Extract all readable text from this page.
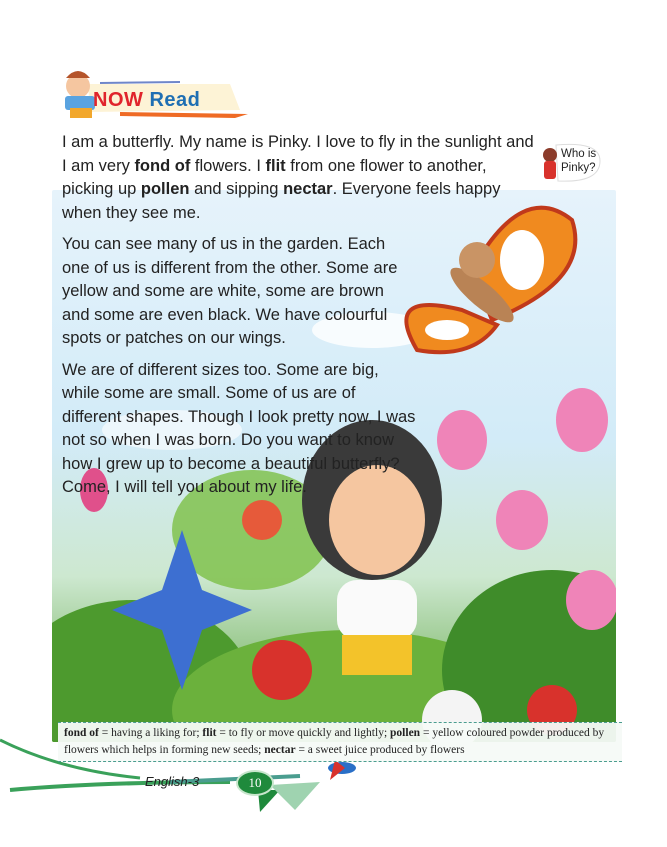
NOW Read
I am a butterfly. My name is Pinky. I love to fly in the sunlight and I am very fond of flowers. I flit from one flower to another, picking up pollen and sipping nectar. Everyone feels happy when they see me.
You can see many of us in the garden. Each one of us is different from the other. Some are yellow and some are white, some are brown and some are even black. We have colourful spots or patches on our wings.
We are of different sizes too. Some are big, while some are small. Some of us are of different shapes. Though I look pretty now, I was not so when I was born. Do you want to know how I grew up to become a beautiful butterfly? Come, I will tell you about my life.
Who is
Pinky?
fond of = having a liking for; flit = to fly or move quickly and lightly; pollen = yellow coloured powder produced by flowers which helps in forming new seeds; nectar = a sweet juice produced by flowers
English-3	10
